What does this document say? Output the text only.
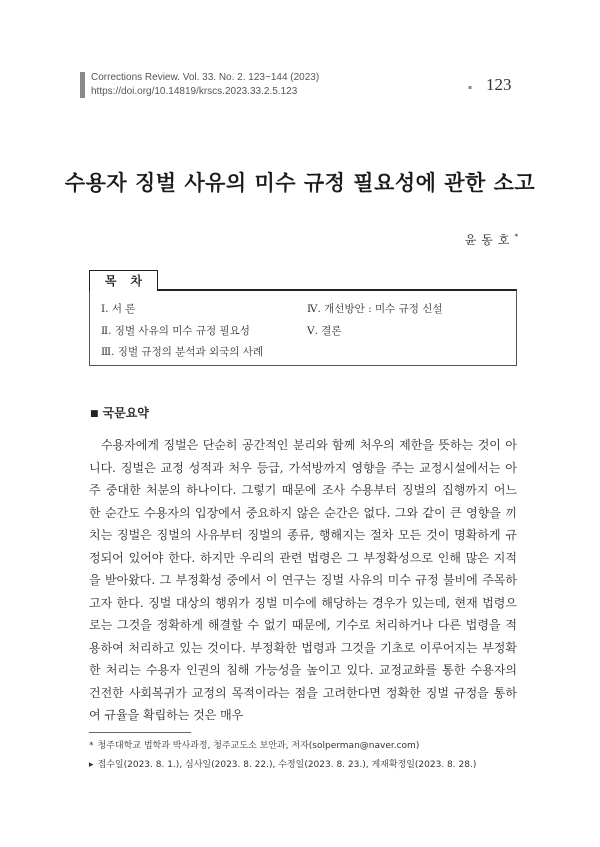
Corrections Review. Vol. 33. No. 2. 123~144 (2023)
https://doi.org/10.14819/krscs.2023.33.2.5.123	▪ 123
수용자 징벌 사유의 미수 규정 필요성에 관한 소고
윤동호*
목차
Ⅰ. 서 론
Ⅱ. 징벌 사유의 미수 규정 필요성
Ⅲ. 징벌 규정의 분석과 외국의 사례
Ⅳ. 개선방안 : 미수 규정 신설
Ⅴ. 결론
■ 국문요약

수용자에게 징벌은 단순히 공간적인 분리와 함께 처우의 제한을 뜻하는 것이 아니다. 징벌은 교정 성적과 처우 등급, 가석방까지 영향을 주는 교정시설에서는 아주 중대한 처분의 하나이다. 그렇기 때문에 조사 수용부터 징벌의 집행까지 어느 한 순간도 수용자의 입장에서 중요하지 않은 순간은 없다. 그와 같이 큰 영향을 끼치는 징벌은 징벌의 사유부터 징벌의 종류, 행해지는 절차 모든 것이 명확하게 규정되어 있어야 한다. 하지만 우리의 관련 법령은 그 부정확성으로 인해 많은 지적을 받아왔다. 그 부정확성 중에서 이 연구는 징벌 사유의 미수 규정 불비에 주목하고자 한다. 징벌 대상의 행위가 징벌 미수에 해당하는 경우가 있는데, 현재 법령으로는 그것을 정확하게 해결할 수 없기 때문에, 기수로 처리하거나 다른 법령을 적용하여 처리하고 있는 것이다. 부정확한 법령과 그것을 기초로 이루어지는 부정확한 처리는 수용자 인권의 침해 가능성을 높이고 있다. 교정교화를 통한 수용자의 건전한 사회복귀가 교정의 목적이라는 점을 고려한다면 정확한 징벌 규정을 통하여 규율을 확립하는 것은 매우

* 청주대학교 법학과 박사과정, 청주교도소 보안과, 저자(solperman@naver.com)
▸ 접수일(2023. 8. 1.), 심사일(2023. 8. 22.), 수정일(2023. 8. 23.), 게재확정일(2023. 8. 28.)
